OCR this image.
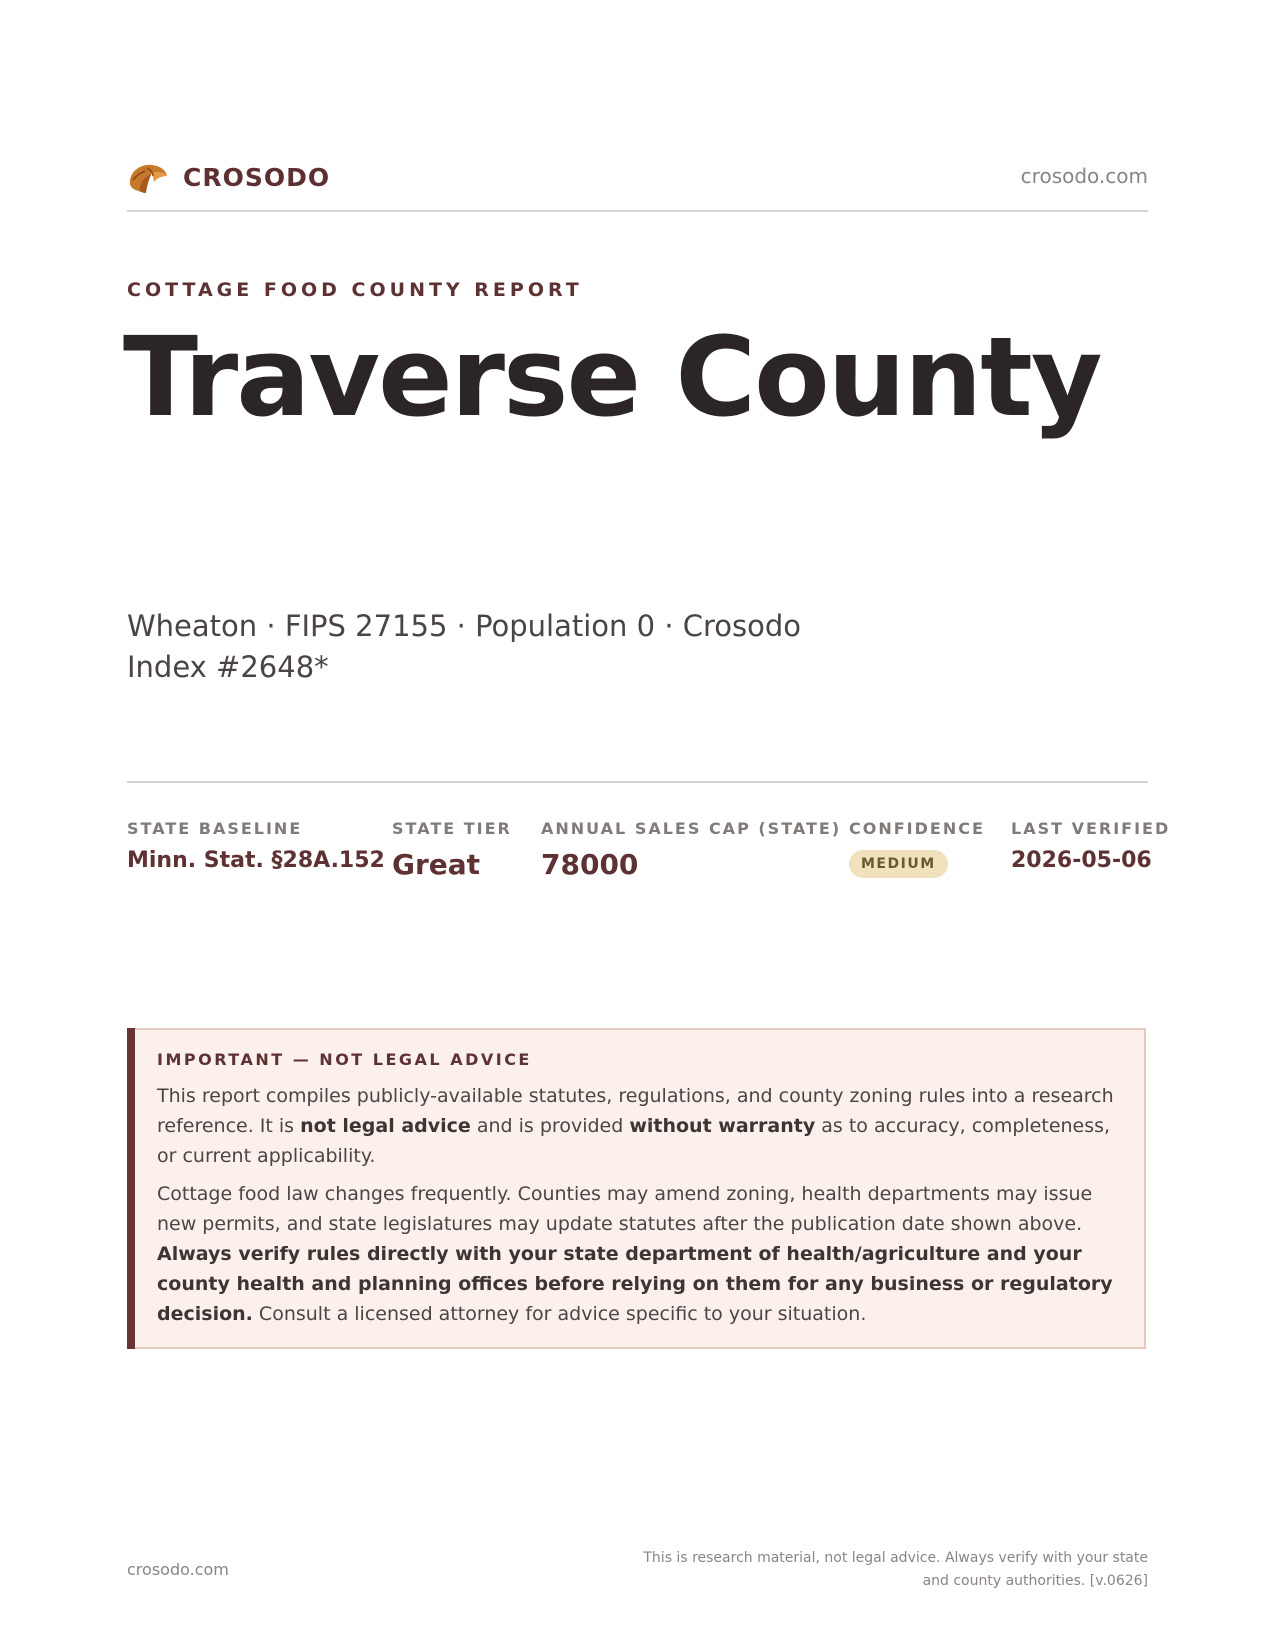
CROSODO	crosodo.com
COTTAGE FOOD COUNTY REPORT
Traverse County
Wheaton · FIPS 27155 · Population 0 · Crosodo Index #2648*
STATE BASELINE
Minn. Stat. §28A.152
STATE TIER
Great
ANNUAL SALES CAP (STATE)
78000
CONFIDENCE
MEDIUM
LAST VERIFIED
2026-05-06
IMPORTANT — NOT LEGAL ADVICE

This report compiles publicly-available statutes, regulations, and county zoning rules into a research reference. It is not legal advice and is provided without warranty as to accuracy, completeness, or current applicability.

Cottage food law changes frequently. Counties may amend zoning, health departments may issue new permits, and state legislatures may update statutes after the publication date shown above. Always verify rules directly with your state department of health/agriculture and your county health and planning offices before relying on them for any business or regulatory decision. Consult a licensed attorney for advice specific to your situation.

crosodo.com
This is research material, not legal advice. Always verify with your state and county authorities. [v.0626]
